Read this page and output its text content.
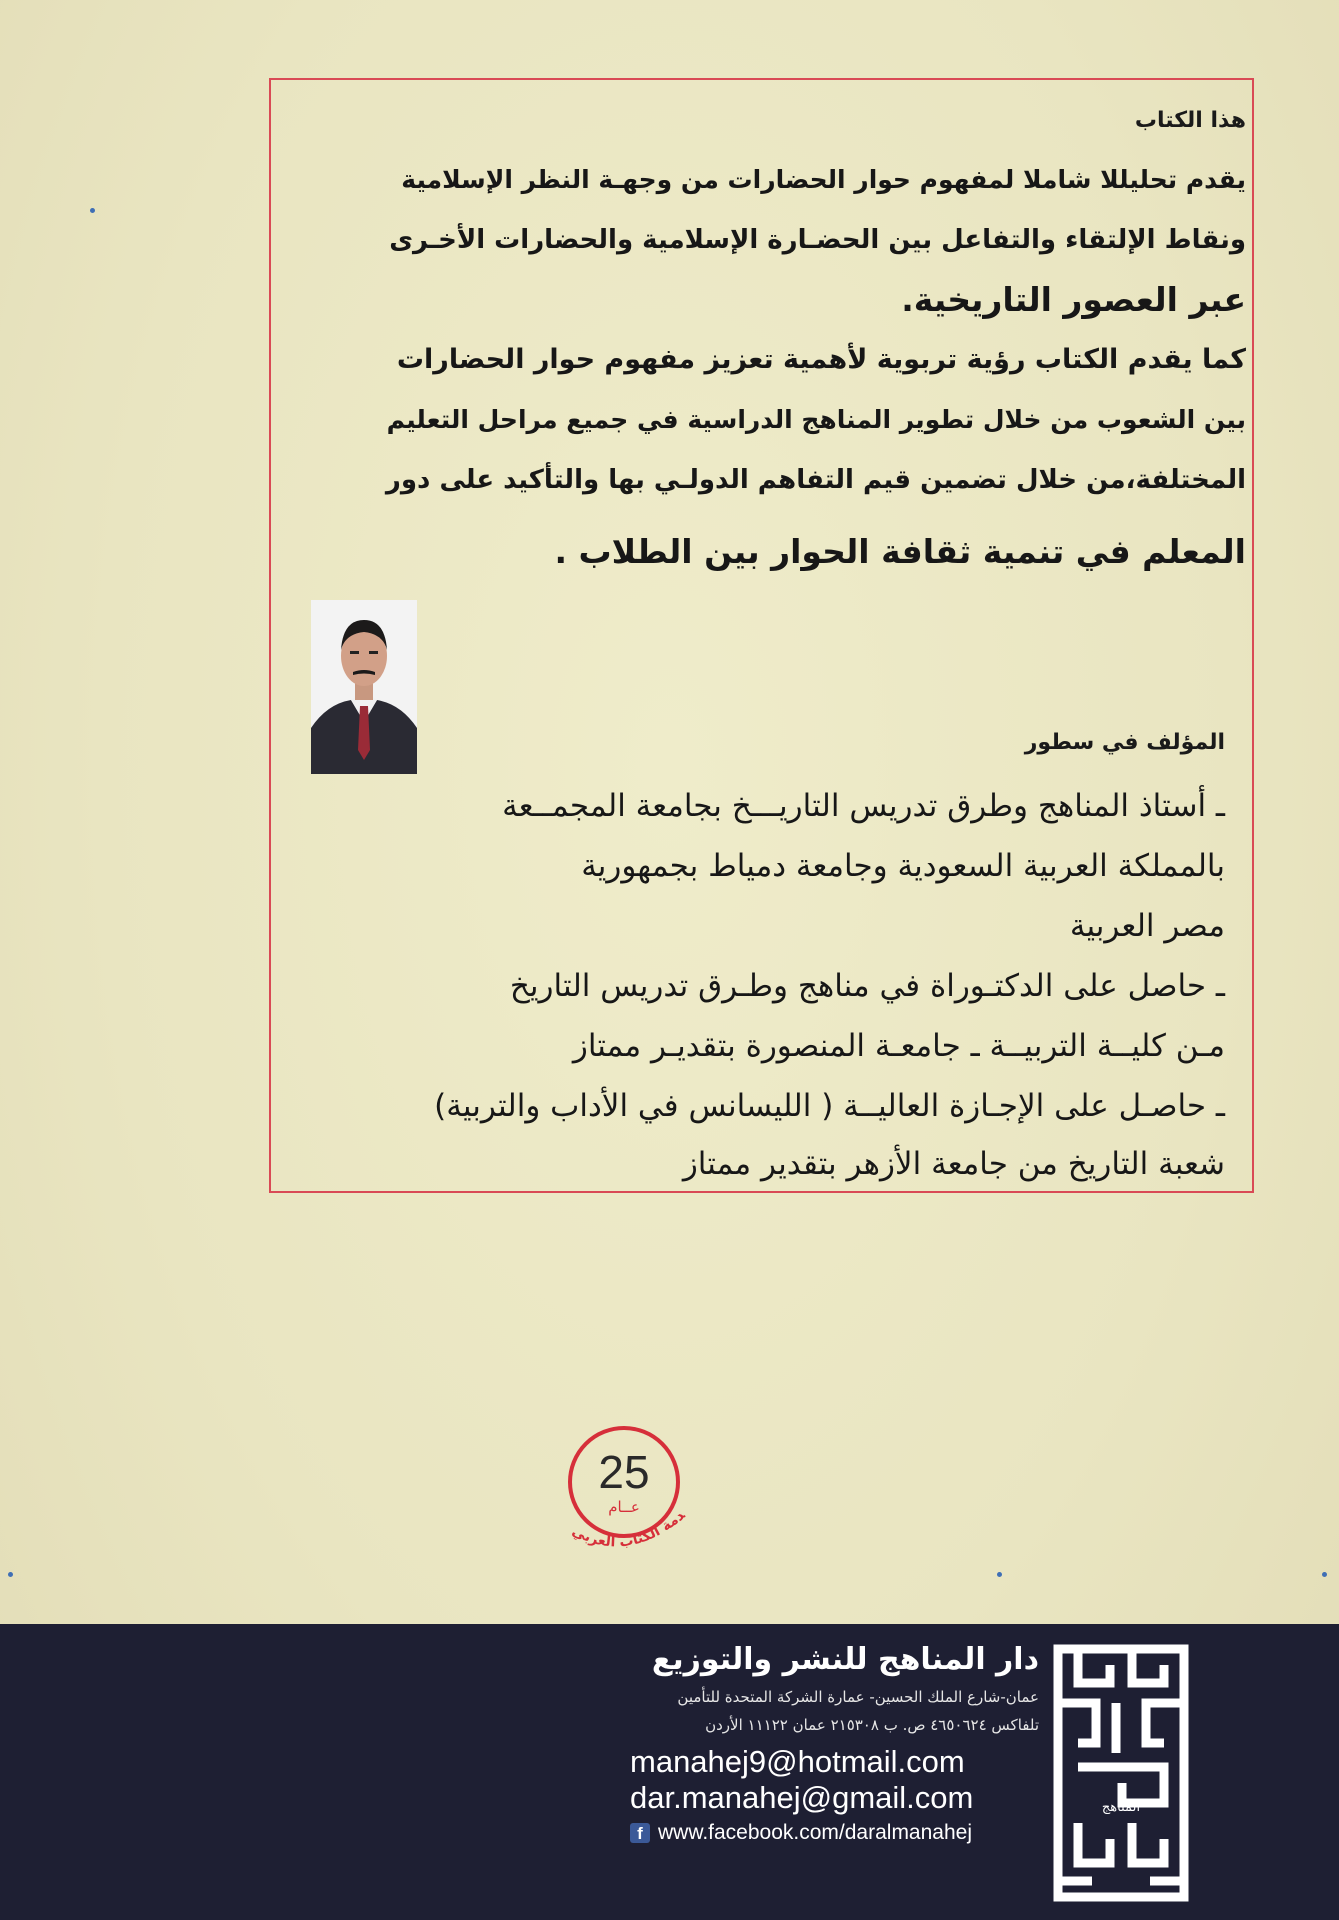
هذا الكتاب
يقدم تحليللا شاملا لمفهوم حوار الحضارات من وجهـة النظر الإسلامية
ونقاط الإلتقاء والتفاعل بين الحضـارة الإسلامية والحضارات الأخـرى
عبر العصور التاريخية.
كما يقدم الكتاب رؤية تربوية لأهمية تعزيز مفهوم حوار الحضارات
بين الشعوب من خلال تطوير المناهج الدراسية في جميع مراحل التعليم
المختلفة،من خلال تضمين قيم التفاهم الدولـي بها والتأكيد على دور
المعلم في تنمية ثقافة الحوار بين الطلاب .
المؤلف في سطور
ـ أستاذ المناهج وطرق تدريس التاريـــخ بجامعة المجمــعة
بالمملكة العربية السعودية وجامعة دمياط بجمهورية
مصر العربية
ـ حاصل على الدكتـوراة في مناهج وطـرق تدريس التاريخ
مـن كليــة التربيــة ـ جامعـة المنصورة بتقديـر ممتاز
ـ حاصـل على الإجـازة العاليــة ( الليسانس في الأداب والتربية)
شعبة التاريخ من جامعة الأزهر بتقدير ممتاز
25
عــام	دمة الكتاب العربي
دار المناهج للنشر والتوزيع
عمان-شارع الملك الحسين- عمارة الشركة المتحدة للتأمين
تلفاكس ٤٦٥٠٦٢٤ ص. ب ٢١٥٣٠٨ عمان ١١١٢٢ الأردن
manahej9@hotmail.com
dar.manahej@gmail.com
f www.facebook.com/daralmanahej
المناهج
